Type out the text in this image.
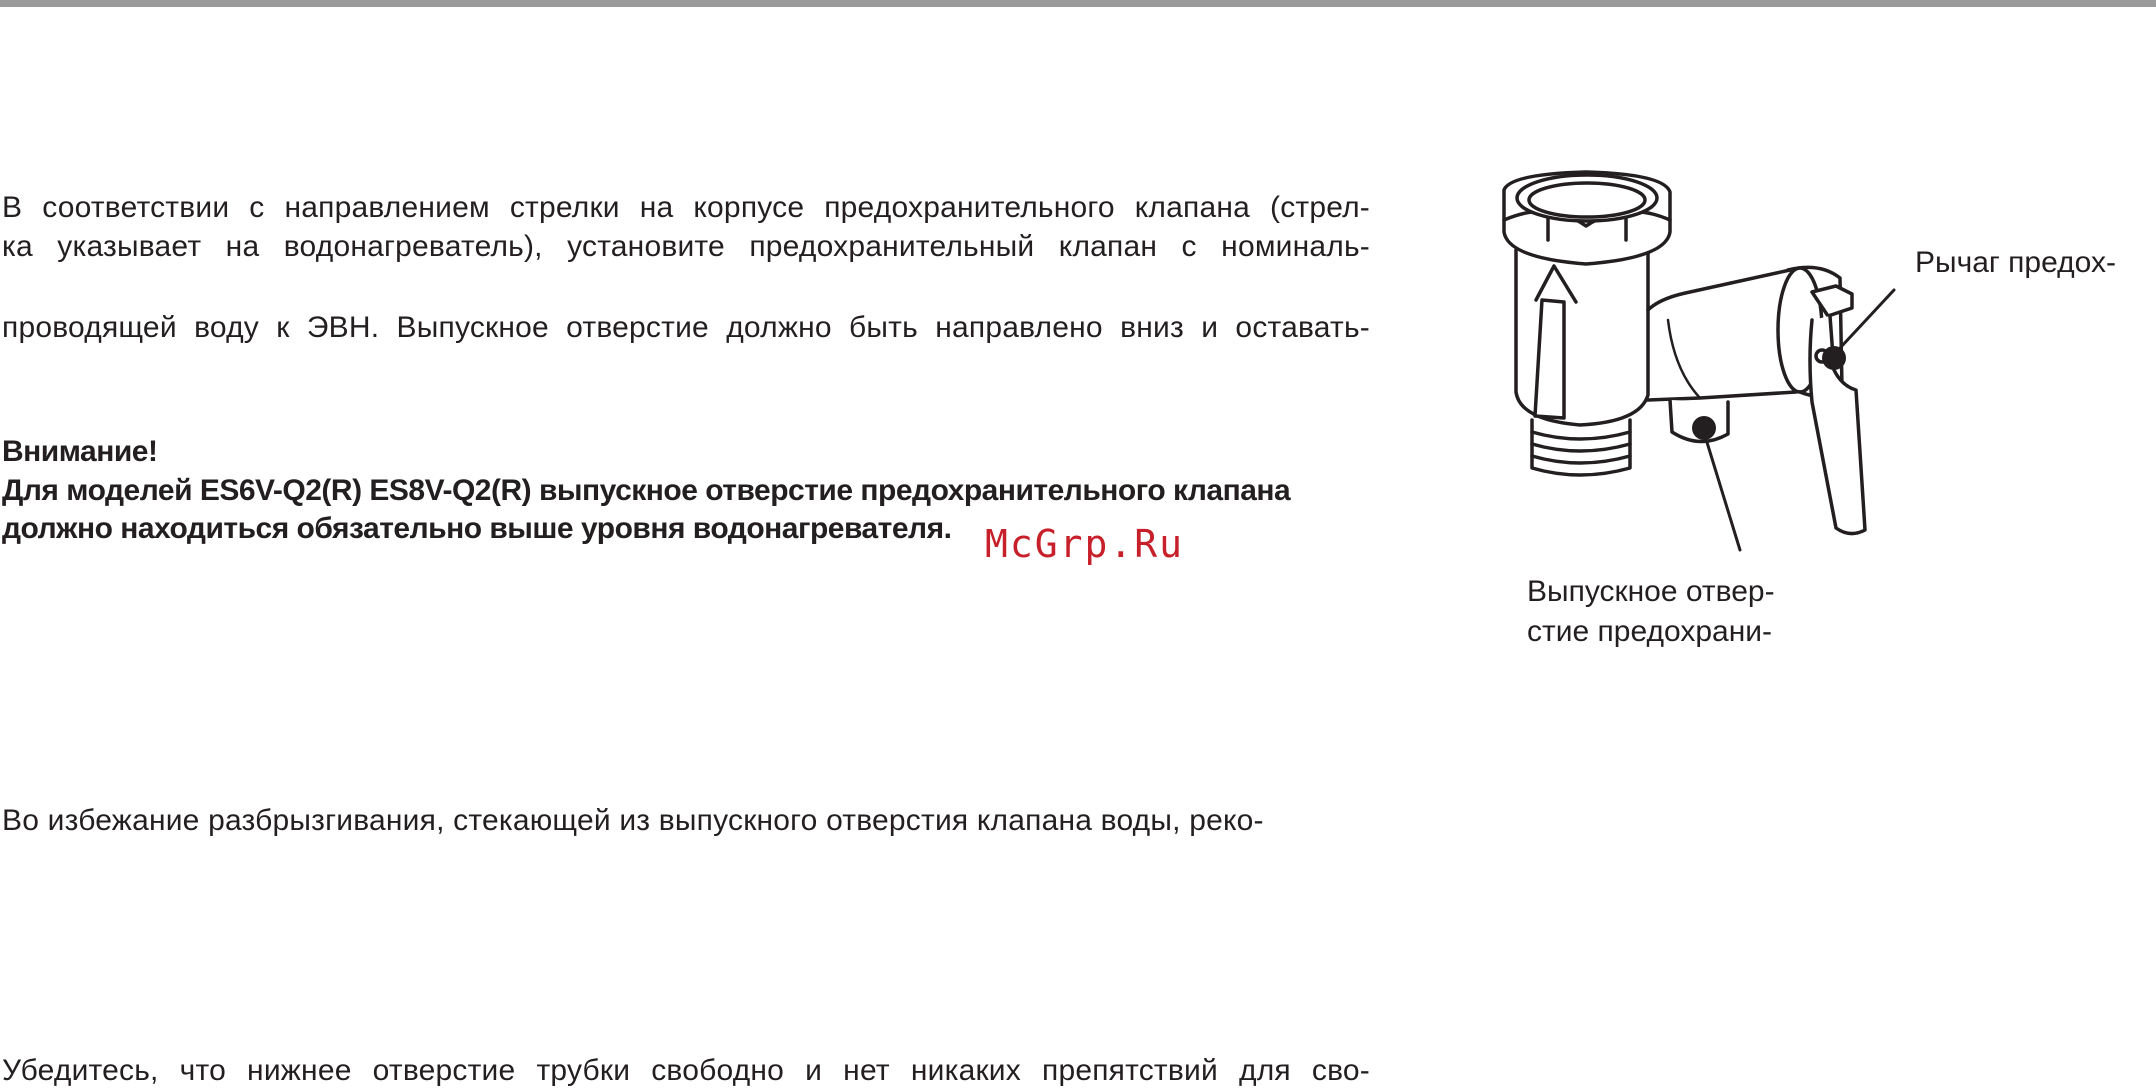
В соответствии с направлением стрелки на корпусе предохранительного клапана (стрел-
ка указывает на водонагреватель), установите предохранительный клапан с номиналь-
проводящей воду к ЭВН. Выпускное отверстие должно быть направлено вниз и оставать-
Внимание!
Для моделей ES6V-Q2(R) ES8V-Q2(R) выпускное отверстие предохранительного клапана
должно находиться обязательно выше уровня водонагревателя. McGrp.Ru
Во избежание разбрызгивания, стекающей из выпускного отверстия клапана воды, реко-
Убедитесь, что нижнее отверстие трубки свободно и нет никаких препятствий для сво-
Рычаг предох-
Выпускное отвер-
стие предохрани-
